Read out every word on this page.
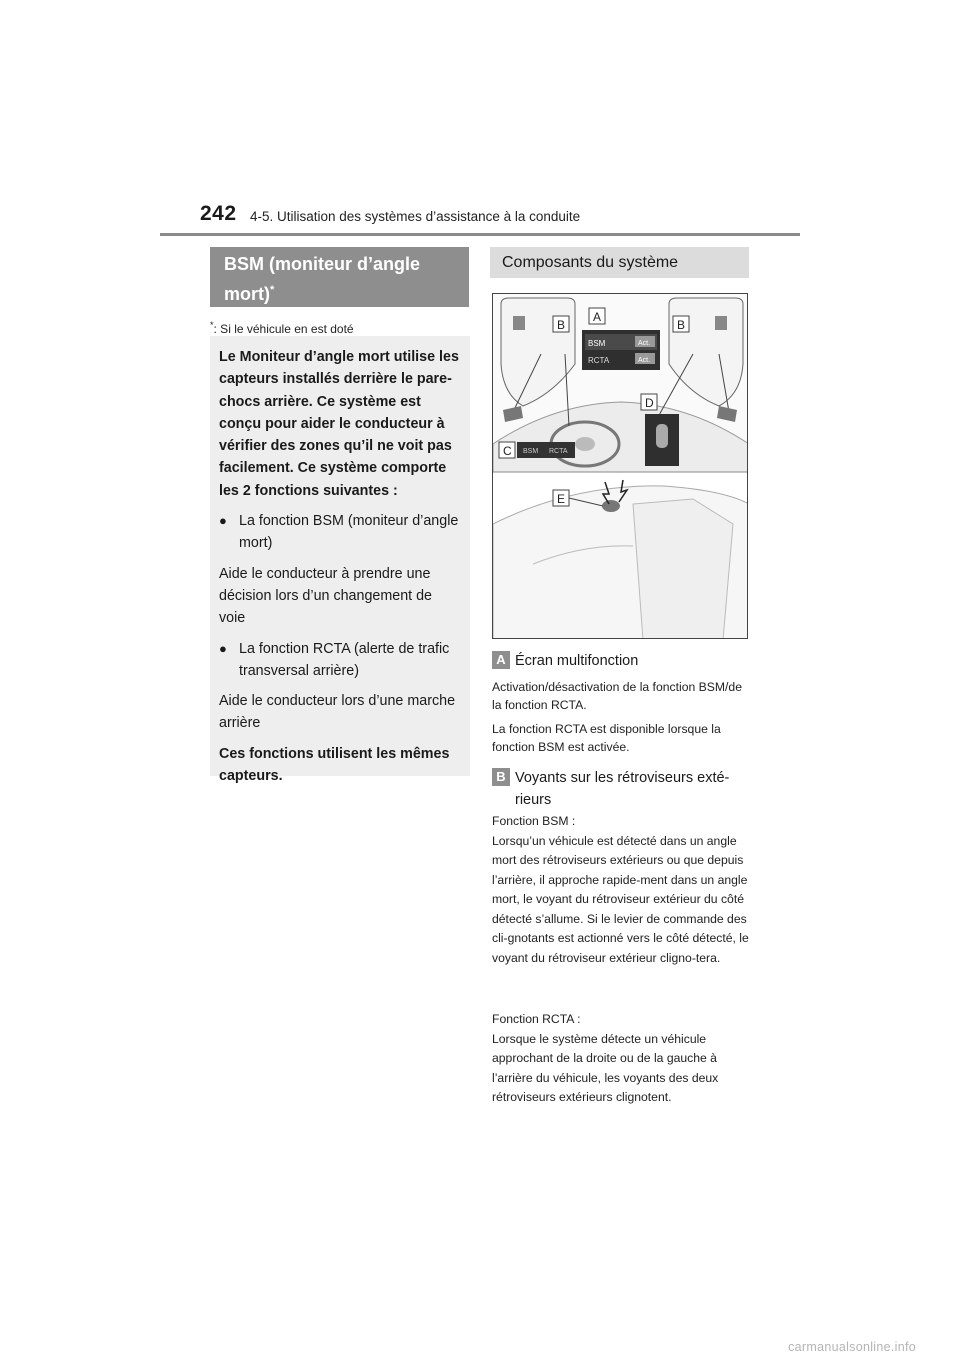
242 4-5. Utilisation des systèmes d’assistance à la conduite
BSM (moniteur d’angle mort)*
*: Si le véhicule en est doté

Le Moniteur d’angle mort utilise les capteurs installés derrière le pare-chocs arrière. Ce système est conçu pour aider le conducteur à vérifier des zones qu’il ne voit pas facilement. Ce système comporte les 2 fonctions suivantes :

● La fonction BSM (moniteur d’angle mort)

Aide le conducteur à prendre une décision lors d’un changement de voie

● La fonction RCTA (alerte de trafic transversal arrière)

Aide le conducteur lors d’une marche arrière

Ces fonctions utilisent les mêmes capteurs.

Composants du système
BSM	Act.
RCTA	Act.
A
B	B
C BSM RCTA
D
E
A Écran multifonction
Activation/désactivation de la fonction BSM/de la fonction RCTA.
La fonction RCTA est disponible lorsque la fonction BSM est activée.
B Voyants sur les rétroviseurs exté-rieurs
Fonction BSM :
Lorsqu’un véhicule est détecté dans un angle mort des rétroviseurs extérieurs ou que depuis l’arrière, il approche rapide-ment dans un angle mort, le voyant du rétroviseur extérieur du côté détecté s’allume. Si le levier de commande des cli-gnotants est actionné vers le côté détecté, le voyant du rétroviseur extérieur cligno-tera.
Fonction RCTA :
Lorsque le système détecte un véhicule approchant de la droite ou de la gauche à l’arrière du véhicule, les voyants des deux rétroviseurs extérieurs clignotent.
carmanualsonline.info
